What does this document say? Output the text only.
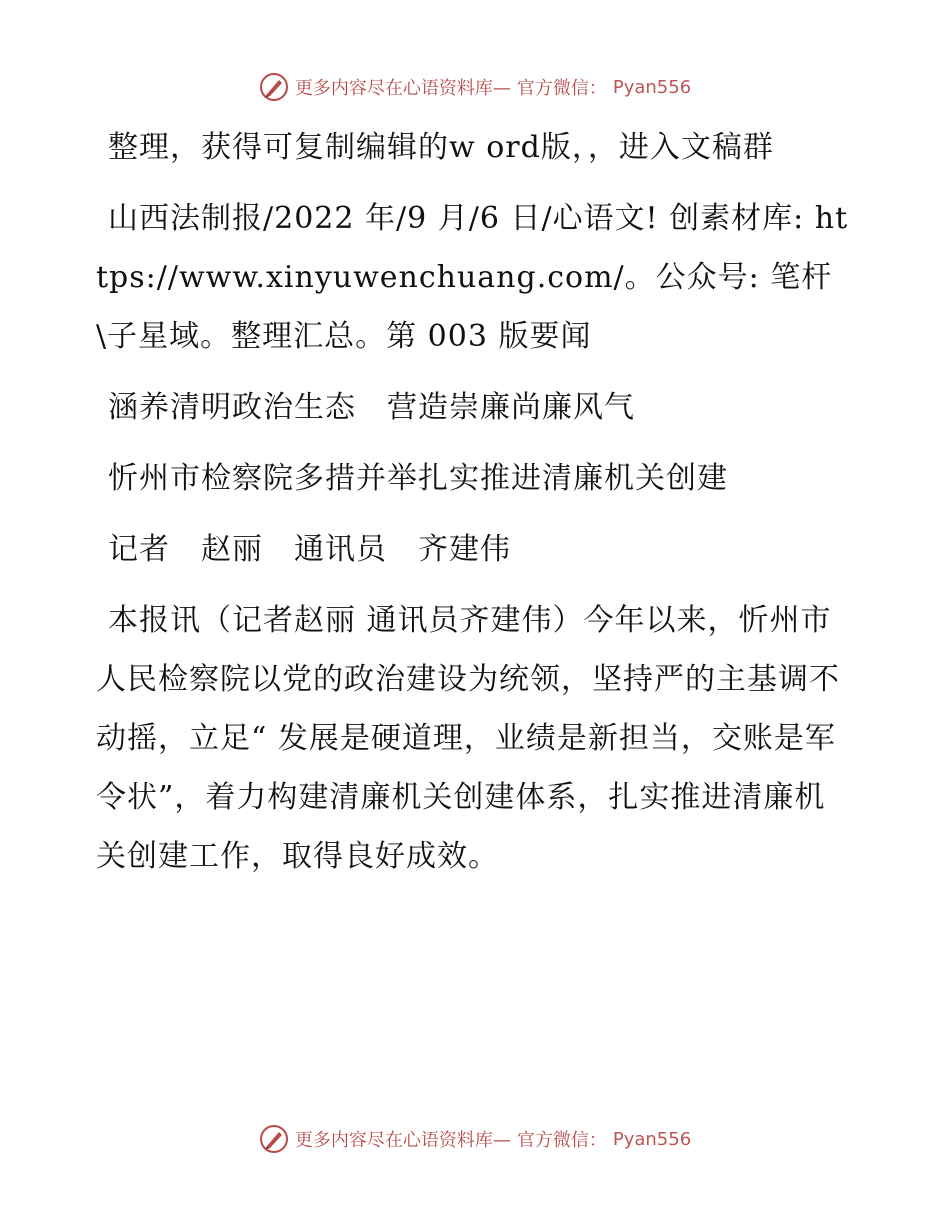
更多内容尽在心语资料库— 官方微信： Pyan556

整理，获得可复制编辑的w ord版，，进入文稿群

山西法制报/2022 年/9 月/6 日/心语文! 创素材库: https://www.xinyuwenchuang.com/。公众号: 笔杆\子星域。整理汇总。第 003 版要闻

涵养清明政治生态　营造崇廉尚廉风气

忻州市检察院多措并举扎实推进清廉机关创建

记者　赵丽　通讯员　齐建伟

本报讯（记者赵丽 通讯员齐建伟）今年以来，忻州市人民检察院以党的政治建设为统领，坚持严的主基调不动摇，立足“ 发展是硬道理，业绩是新担当，交账是军令状”，着力构建清廉机关创建体系，扎实推进清廉机关创建工作，取得良好成效。

更多内容尽在心语资料库— 官方微信： Pyan556
